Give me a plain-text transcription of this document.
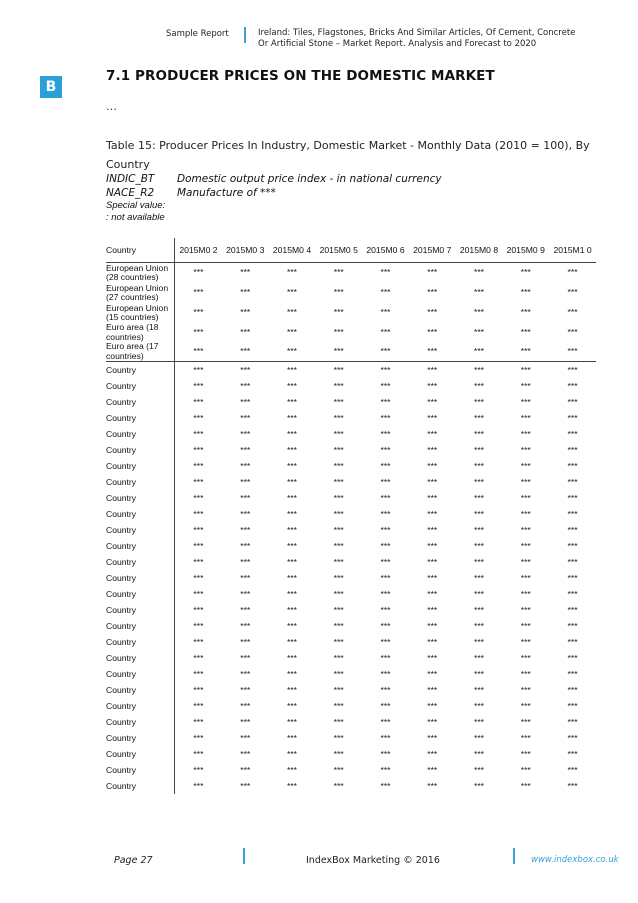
Sample Report	Ireland: Tiles, Flagstones, Bricks And Similar Articles, Of Cement, Concrete Or Artificial Stone – Market Report. Analysis and Forecast to 2020
B
7.1 PRODUCER PRICES ON THE DOMESTIC MARKET
…
Table 15: Producer Prices In Industry, Domestic Market - Monthly Data (2010 = 100), By Country
INDIC_BT Domestic output price index - in national currency
NACE_R2 Manufacture of ***
Special value:
: not available
Country	2015M0 2	2015M0 3	2015M0 4	2015M0 5	2015M0 6	2015M0 7	2015M0 8	2015M0 9	2015M1 0
European Union (28 countries)	***	***	***	***	***	***	***	***	***
European Union (27 countries)	***	***	***	***	***	***	***	***	***
European Union (15 countries)	***	***	***	***	***	***	***	***	***
Euro area (18 countries)	***	***	***	***	***	***	***	***	***
Euro area (17 countries)	***	***	***	***	***	***	***	***	***
Country	***	***	***	***	***	***	***	***	***
Country	***	***	***	***	***	***	***	***	***
Country	***	***	***	***	***	***	***	***	***
Country	***	***	***	***	***	***	***	***	***
Country	***	***	***	***	***	***	***	***	***
Country	***	***	***	***	***	***	***	***	***
Country	***	***	***	***	***	***	***	***	***
Country	***	***	***	***	***	***	***	***	***
Country	***	***	***	***	***	***	***	***	***
Country	***	***	***	***	***	***	***	***	***
Country	***	***	***	***	***	***	***	***	***
Country	***	***	***	***	***	***	***	***	***
Country	***	***	***	***	***	***	***	***	***
Country	***	***	***	***	***	***	***	***	***
Country	***	***	***	***	***	***	***	***	***
Country	***	***	***	***	***	***	***	***	***
Country	***	***	***	***	***	***	***	***	***
Country	***	***	***	***	***	***	***	***	***
Country	***	***	***	***	***	***	***	***	***
Country	***	***	***	***	***	***	***	***	***
Country	***	***	***	***	***	***	***	***	***
Country	***	***	***	***	***	***	***	***	***
Country	***	***	***	***	***	***	***	***	***
Country	***	***	***	***	***	***	***	***	***
Country	***	***	***	***	***	***	***	***	***
Country	***	***	***	***	***	***	***	***	***
Country	***	***	***	***	***	***	***	***	***
Page 27	IndexBox Marketing © 2016	www.indexbox.co.uk
